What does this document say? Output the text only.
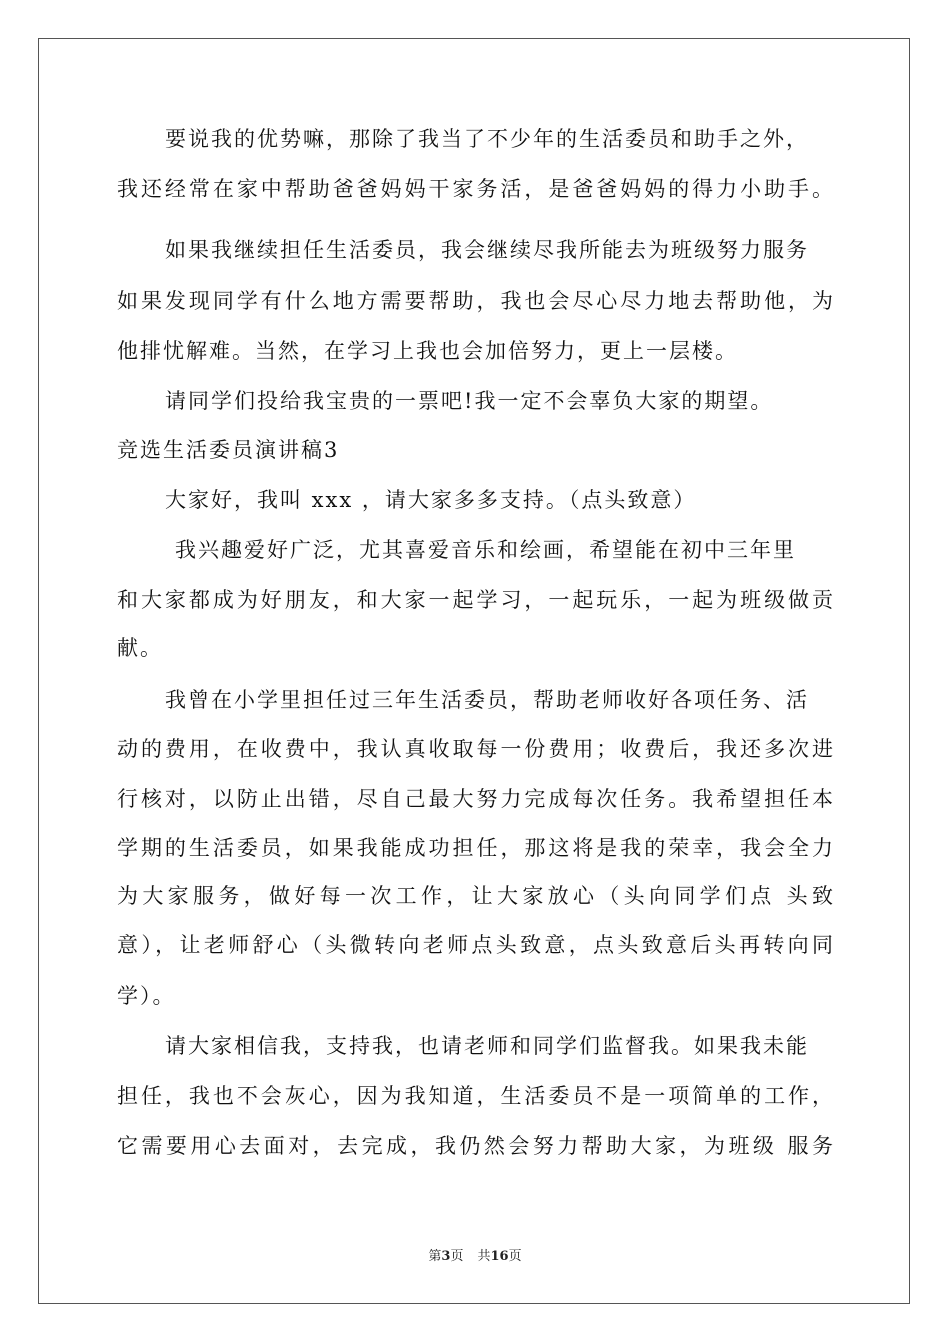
要说我的优势嘛，那除了我当了不少年的生活委员和助手之外，
我还经常在家中帮助爸爸妈妈干家务活，是爸爸妈妈的得力小助手。
如果我继续担任生活委员，我会继续尽我所能去为班级努力服务
如果发现同学有什么地方需要帮助，我也会尽心尽力地去帮助他，为
他排忧解难。当然，在学习上我也会加倍努力，更上一层楼。
请同学们投给我宝贵的一票吧!我一定不会辜负大家的期望。
竞选生活委员演讲稿3
大家好，我叫 xxx ，请大家多多支持。（点头致意）
我兴趣爱好广泛，尤其喜爱音乐和绘画，希望能在初中三年里
和大家都成为好朋友，和大家一起学习，一起玩乐，一起为班级做贡
献。
我曾在小学里担任过三年生活委员，帮助老师收好各项任务、活
动的费用，在收费中，我认真收取每一份费用；收费后，我还多次进
行核对，以防止出错，尽自己最大努力完成每次任务。我希望担任本
学期的生活委员，如果我能成功担任，那这将是我的荣幸，我会全力
为大家服务，做好每一次工作，让大家放心（头向同学们点 头致
意），让老师舒心（头微转向老师点头致意，点头致意后头再转向同
学）。
请大家相信我，支持我，也请老师和同学们监督我。如果我未能
担任，我也不会灰心，因为我知道，生活委员不是一项简单的工作，
它需要用心去面对，去完成，我仍然会努力帮助大家，为班级 服务
第3页 共16页
